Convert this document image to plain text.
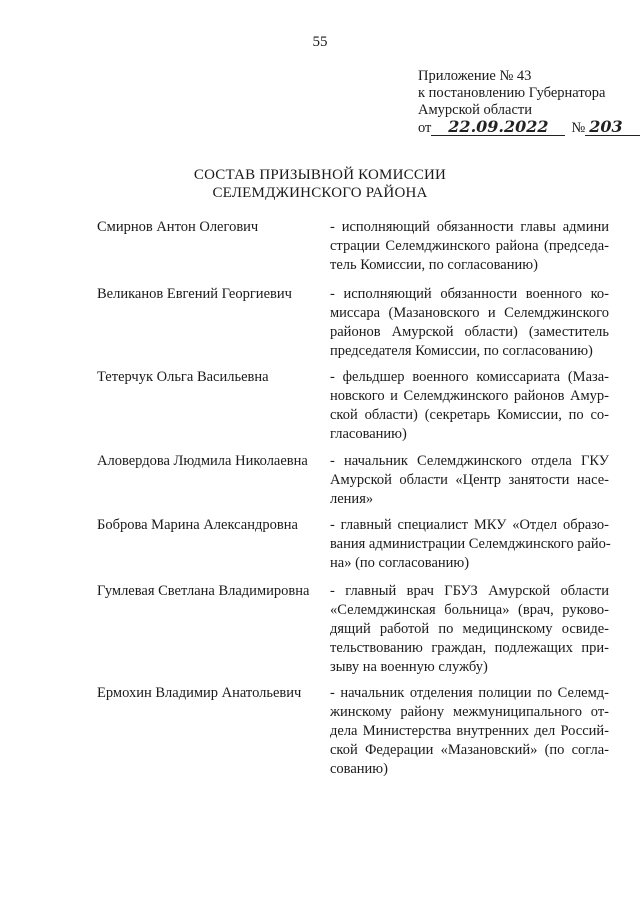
55
Приложение № 43
к постановлению Губернатора
Амурской области
от	22.09.2022	№ 203
СОСТАВ ПРИЗЫВНОЙ КОМИССИИ
СЕЛЕМДЖИНСКОГО РАЙОНА
Смирнов Антон Олегович	- исполняющий обязанности главы админи
страции Селемджинского района (председа-
тель Комиссии, по согласованию)
Великанов Евгений Георгиевич	- исполняющий обязанности военного ко-
миссара (Мазановского и Селемджинского
районов Амурской области) (заместитель
председателя Комиссии, по согласованию)
Тетерчук Ольга Васильевна	- фельдшер военного комиссариата (Маза-
новского и Селемджинского районов Амур-
ской области) (секретарь Комиссии, по со-
гласованию)
Аловердова Людмила Николаевна	- начальник Селемджинского отдела ГКУ
Амурской области «Центр занятости насе-
ления»
Боброва Марина Александровна	- главный специалист МКУ «Отдел образо-
вания администрации Селемджинского райо-
на» (по согласованию)
Гумлевая Светлана Владимировна	- главный врач ГБУЗ Амурской области
«Селемджинская больница» (врач, руково-
дящий работой по медицинскому освиде-
тельствованию граждан, подлежащих при-
зыву на военную службу)
Ермохин Владимир Анатольевич	- начальник отделения полиции по Селемд-
жинскому району межмуниципального от-
дела Министерства внутренних дел Россий-
ской Федерации «Мазановский» (по согла-
сованию)
